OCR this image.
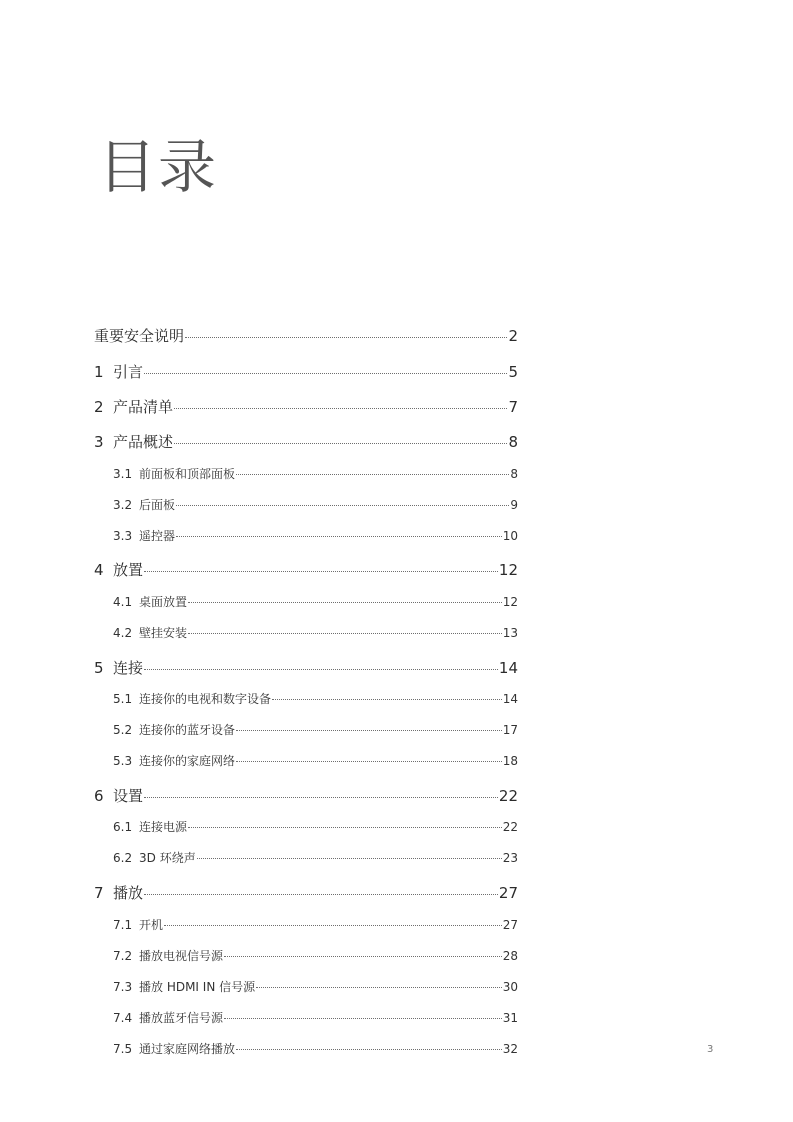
目录
重要安全说明	2
1 引言	5
2 产品清单	7
3 产品概述	8
3.1 前面板和顶部面板	8
3.2 后面板	9
3.3 遥控器	10
4 放置	12
4.1 桌面放置	12
4.2 壁挂安装	13
5 连接	14
5.1 连接你的电视和数字设备	14
5.2 连接你的蓝牙设备	17
5.3 连接你的家庭网络	18
6 设置	22
6.1 连接电源	22
6.2 3D 环绕声	23
7 播放	27
7.1 开机	27
7.2 播放电视信号源	28
7.3 播放 HDMI IN 信号源	30
7.4 播放蓝牙信号源	31
7.5 通过家庭网络播放	32	3
